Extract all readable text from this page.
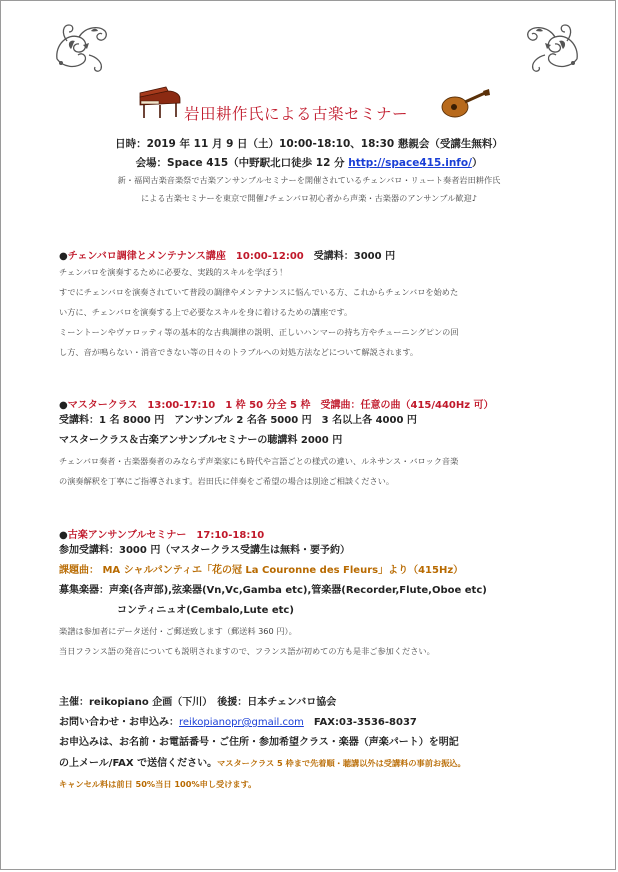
岩田耕作氏による古楽セミナー
日時：2019 年 11 月 9 日（土）10:00-18:10、18:30 懇親会（受講生無料）
会場：Space 415（中野駅北口徒歩 12 分 http://space415.info/）
新・福岡古楽音楽祭で古楽アンサンブルセミナーを開催されているチェンバロ・リュート奏者岩田耕作氏
による古楽セミナーを東京で開催♪チェンバロ初心者から声楽・古楽器のアンサンブル歓迎♪
●チェンバロ調律とメンテナンス講座　10:00-12:00　受講料：3000 円
チェンバロを演奏するために必要な、実践的スキルを学ぼう！
すでにチェンバロを演奏されていて普段の調律やメンテナンスに悩んでいる方、これからチェンバロを始めた
い方に、チェンバロを演奏する上で必要なスキルを身に着けるための講座です。
ミーントーンやヴァロッティ等の基本的な古典調律の説明、正しいハンマーの持ち方やチューニングピンの回
し方、音が鳴らない・消音できない等の日々のトラブルへの対処方法などについて解説されます。
●マスタークラス　13:00-17:10　1 枠 50 分全 5 枠　受講曲：任意の曲（415/440Hz 可）
受講料：1 名 8000 円　アンサンブル 2 名各 5000 円　3 名以上各 4000 円
マスタークラス＆古楽アンサンブルセミナーの聴講料 2000 円
チェンバロ奏者・古楽器奏者のみならず声楽家にも時代や言語ごとの様式の違い、ルネサンス・バロック音楽
の演奏解釈を丁寧にご指導されます。岩田氏に伴奏をご希望の場合は別途ご相談ください。
●古楽アンサンブルセミナー　17:10-18:10
参加受講料：3000 円（マスタークラス受講生は無料・要予約）
課題曲： MA シャルパンティエ「花の冠 La Couronne des Fleurs」より（415Hz）
募集楽器：声楽(各声部),弦楽器(Vn,Vc,Gamba etc),管楽器(Recorder,Flute,Oboe etc)
コンティニュオ(Cembalo,Lute etc)
楽譜は参加者にデータ送付・ご郵送致します（郵送料 360 円）。
当日フランス語の発音についても説明されますので、フランス語が初めての方も是非ご参加ください。
主催：reikopiano 企画（下川）　後援：日本チェンバロ協会
お問い合わせ・お申込み：reikopianopr@gmail.com　FAX:03-3536-8037
お申込みは、お名前・お電話番号・ご住所・参加希望クラス・楽器（声楽パート）を明記
の上メール/FAX で送信ください。マスタークラス 5 枠まで先着順・聴講以外は受講料の事前お振込。
キャンセル料は前日 50%当日 100%申し受けます。
